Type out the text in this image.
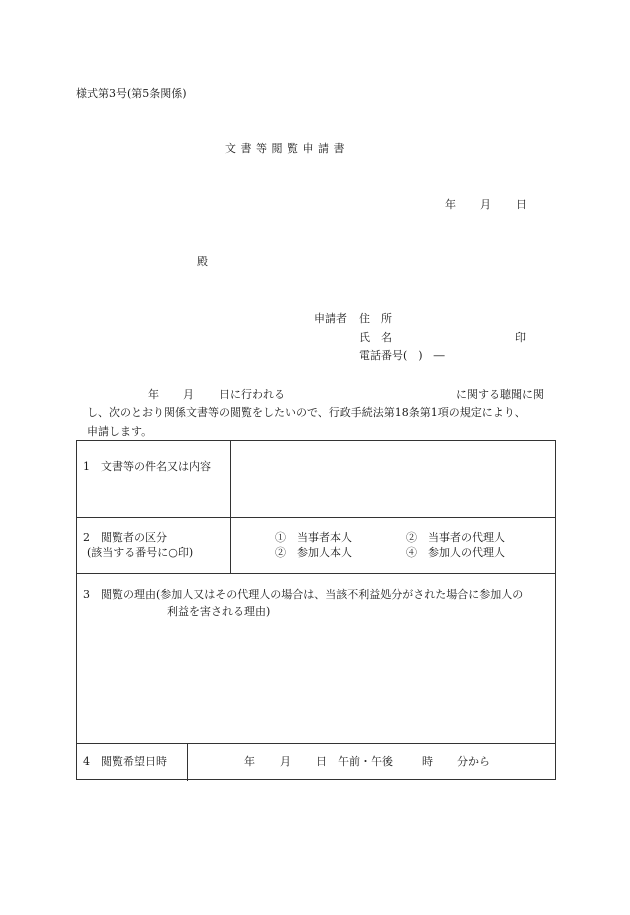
様式第3号(第5条関係)
文 書 等 閲 覧 申 請 書
年 月 日
殿
申請者 住　所
氏　名	印
電話番号(　)　―
年 月 日に行われる	に関する聴聞に関
し、次のとおり関係文書等の閲覧をしたいので、行政手続法第18条第1項の規定により、
申請します。
1　文書等の件名又は内容
2　閲覧者の区分
(該当する番号に○印)
①　当事者本人	②　当事者の代理人
②　参加人本人	④　参加人の代理人
3　閲覧の理由(参加人又はその代理人の場合は、当該不利益処分がされた場合に参加人の
利益を害される理由)
4　閲覧希望日時	年 月 日 午前・午後	時 分から
